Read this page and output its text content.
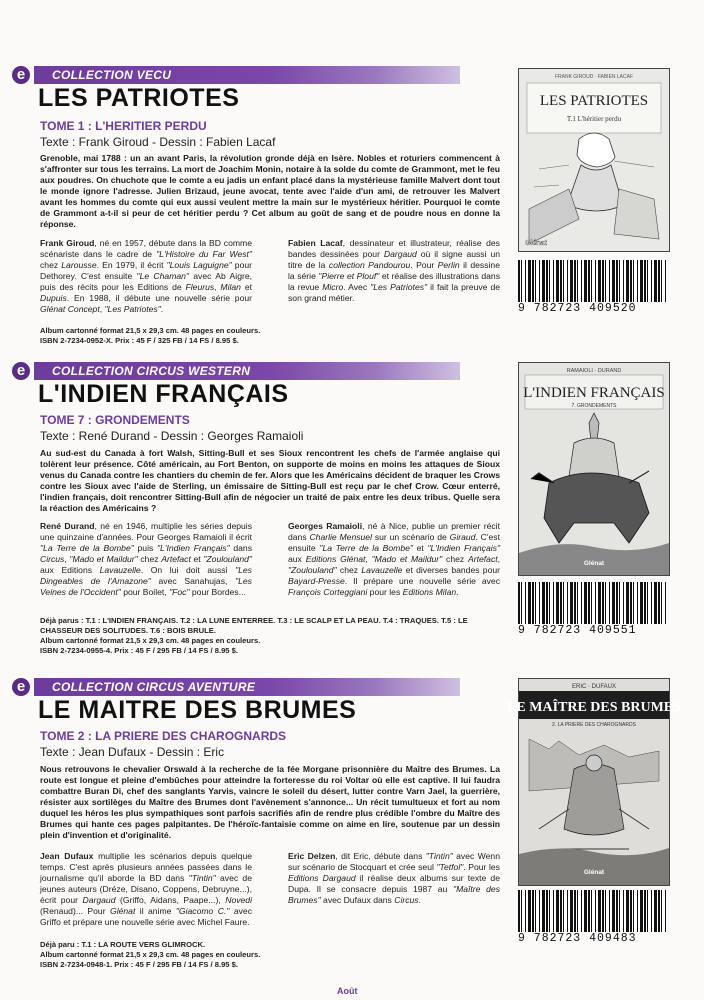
e	COLLECTION VECU
LES PATRIOTES
TOME 1 : L'HERITIER PERDU
Texte : Frank Giroud - Dessin : Fabien Lacaf

Grenoble, mai 1788 : un an avant Paris, la révolution gronde déjà en Isère. Nobles et roturiers commencent à s'affronter sur tous les terrains. La mort de Joachim Monin, notaire à la solde du comte de Grammont, met le feu aux poudres. On chuchote que le comte a eu jadis un enfant placé dans la mystérieuse famille Malvert dont tout le monde ignore l'adresse. Julien Brizaud, jeune avocat, tente avec l'aide d'un ami, de retrouver les Malvert avant les hommes du comte qui eux aussi veulent mettre la main sur le mystérieux héritier. Pourquoi le comte de Grammont a-t-il si peur de cet héritier perdu ? Cet album au goût de sang et de poudre nous en donne la réponse.

Frank Giroud, né en 1957, débute dans la BD comme scénariste dans le cadre de "L'Histoire du Far West" chez Larousse. En 1979, il écrit "Louis Laguigne" pour Dethorey. C'est ensuite "Le Chaman" avec Ab Aigre, puis des récits pour les Editions de Fleurus, Milan et Dupuis. En 1988, il débute une nouvelle série pour Glénat Concept, "Les Patriotes".

Fabien Lacaf, dessinateur et illustrateur, réalise des bandes dessinées pour Dargaud où il signe aussi un titre de la collection Pandourou. Pour Perlin il dessine la série "Pierre et Plouf" et réalise des illustrations dans la revue Micro. Avec "Les Patriotes" il fait la preuve de son grand métier.

Album cartonné format 21,5 x 29,3 cm. 48 pages en couleurs.
ISBN 2-7234-0952-X. Prix : 45 F / 325 FB / 14 FS / 8.95 $.
FRANK GIROUD · FABIEN LACAF
LES PATRIOTES
T.1 L'héritier perdu
Glénat
9 782723 409520
e	COLLECTION CIRCUS WESTERN
L'INDIEN FRANÇAIS
TOME 7 : GRONDEMENTS
Texte : René Durand - Dessin : Georges Ramaioli

Au sud-est du Canada à fort Walsh, Sitting-Bull et ses Sioux rencontrent les chefs de l'armée anglaise qui tolèrent leur présence. Côté américain, au Fort Benton, on supporte de moins en moins les attaques de Sioux venus du Canada contre les chantiers du chemin de fer. Alors que les Américains décident de braquer les Crows contre les Sioux avec l'aide de Sterling, un émissaire de Sitting-Bull est reçu par le chef Crow. Cœur enterré, l'indien français, doit rencontrer Sitting-Bull afin de négocier un traité de paix entre les deux tribus. Quelle sera la réaction des Américains ?

René Durand, né en 1946, multiplie les séries depuis une quinzaine d'années. Pour Georges Ramaioli il écrit "La Terre de la Bombe" puis "L'Indien Français" dans Circus, "Mado et Maildur" chez Artefact et "Zoulouland" aux Editions Lavauzelle. On lui doit aussi "Les Dingeables de l'Amazone" avec Sanahujas, "Les Veines de l'Occident" pour Boilet, "Foc" pour Bordes...

Georges Ramaioli, né à Nice, publie un premier récit dans Charlie Mensuel sur un scénario de Giraud. C'est ensuite "La Terre de la Bombe" et "L'Indien Français" aux Editions Glénat, "Mado et Maildur" chez Artefact, "Zoulouland" chez Lavauzelle et diverses bandes pour Bayard-Presse. Il prépare une nouvelle série avec François Corteggiani pour les Editions Milan.

Déjà parus : T.1 : L'INDIEN FRANÇAIS. T.2 : LA LUNE ENTERREE. T.3 : LE SCALP ET LA PEAU. T.4 : TRAQUES. T.5 : LE CHASSEUR DES SOLITUDES. T.6 : BOIS BRULE.
Album cartonné format 21,5 x 29,3 cm. 48 pages en couleurs.
ISBN 2-7234-0955-4. Prix : 45 F / 295 FB / 14 FS / 8.95 $.
RAMAIOLI · DURAND
L'INDIEN FRANÇAIS
7. GRONDEMENTS
Glénat
9 782723 409551
e	COLLECTION CIRCUS AVENTURE
LE MAITRE DES BRUMES
TOME 2 : LA PRIERE DES CHAROGNARDS
Texte : Jean Dufaux - Dessin : Eric

Nous retrouvons le chevalier Orswald à la recherche de la fée Morgane prisonnière du Maître des Brumes. La route est longue et pleine d'embûches pour atteindre la forteresse du roi Voltar où elle est captive. Il lui faudra combattre Buran Di, chef des sanglants Yarvis, vaincre le soleil du désert, lutter contre Varn Jael, la guerrière, résister aux sortilèges du Maître des Brumes dont l'avènement s'annonce... Un récit tumultueux et fort au nom duquel les héros les plus sympathiques sont parfois sacrifiés afin de rendre plus crédible l'ombre du Maître des Brumes qui hante ces pages palpitantes. De l'héroïc-fantaisie comme on aime en lire, soutenue par un dessin plein d'invention et d'originalité.

Jean Dufaux multiplie les scénarios depuis quelque temps. C'est après plusieurs années passées dans le journalisme qu'il aborde la BD dans "Tintin" avec de jeunes auteurs (Dréze, Disano, Coppens, Debruyne...), écrit pour Dargaud (Griffo, Aidans, Paape...), Novedi (Renaud)... Pour Glénat il anime "Giacomo C." avec Griffo et prépare une nouvelle série avec Michel Faure.

Eric Delzen, dit Eric, débute dans "Tintin" avec Wenn sur scénario de Stocquart et crée seul "Tetfol". Pour les Editions Dargaud il réalise deux albums sur texte de Dupa. Il se consacre depuis 1987 au "Maître des Brumes" avec Dufaux dans Circus.

Déjà paru : T.1 : LA ROUTE VERS GLIMROCK.
Album cartonné format 21,5 x 29,3 cm. 48 pages en couleurs.
ISBN 2-7234-0948-1. Prix : 45 F / 295 FB / 14 FS / 8.95 $.
ERIC · DUFAUX
LE MAÎTRE DES BRUMES
2. LA PRIERE DES CHAROGNARDS
Glénat
9 782723 409483
Août
